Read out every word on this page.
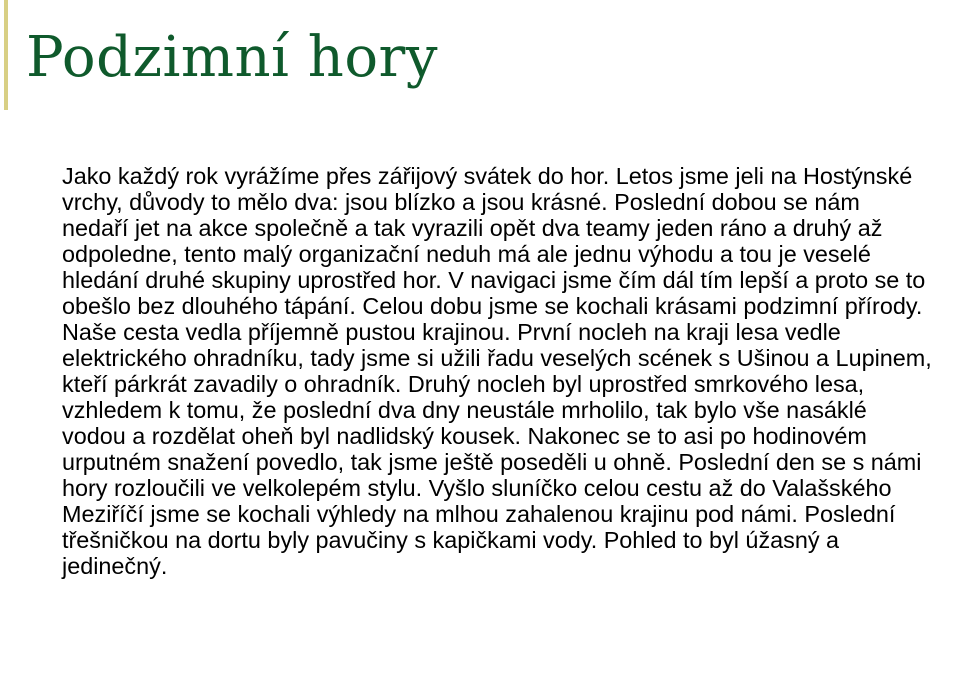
Podzimní hory

Jako každý rok vyrážíme přes zářijový svátek do hor. Letos jsme jeli na Hostýnské vrchy, důvody to mělo dva: jsou blízko a jsou krásné. Poslední dobou se nám nedaří jet na akce společně a tak vyrazili opět dva teamy jeden ráno a druhý až odpoledne, tento malý organizační neduh má ale jednu výhodu a tou je veselé hledání druhé skupiny uprostřed hor. V navigaci jsme čím dál tím lepší a proto se to obešlo bez dlouhého tápání. Celou dobu jsme se kochali krásami podzimní přírody. Naše cesta vedla příjemně pustou krajinou. První nocleh na kraji lesa vedle elektrického ohradníku, tady jsme si užili řadu veselých scének s Ušinou a Lupinem, kteří párkrát zavadily o ohradník. Druhý nocleh byl uprostřed smrkového lesa, vzhledem k tomu, že poslední dva dny neustále mrholilo, tak bylo vše nasáklé vodou a rozdělat oheň byl nadlidský kousek. Nakonec se to asi po hodinovém urputném snažení povedlo, tak jsme ještě poseděli u ohně. Poslední den se s námi hory rozloučili ve velkolepém stylu. Vyšlo sluníčko celou cestu až do Valašského Meziříčí jsme se kochali výhledy na mlhou zahalenou krajinu pod námi. Poslední třešničkou na dortu byly pavučiny s kapičkami vody. Pohled to byl úžasný a jedinečný.
